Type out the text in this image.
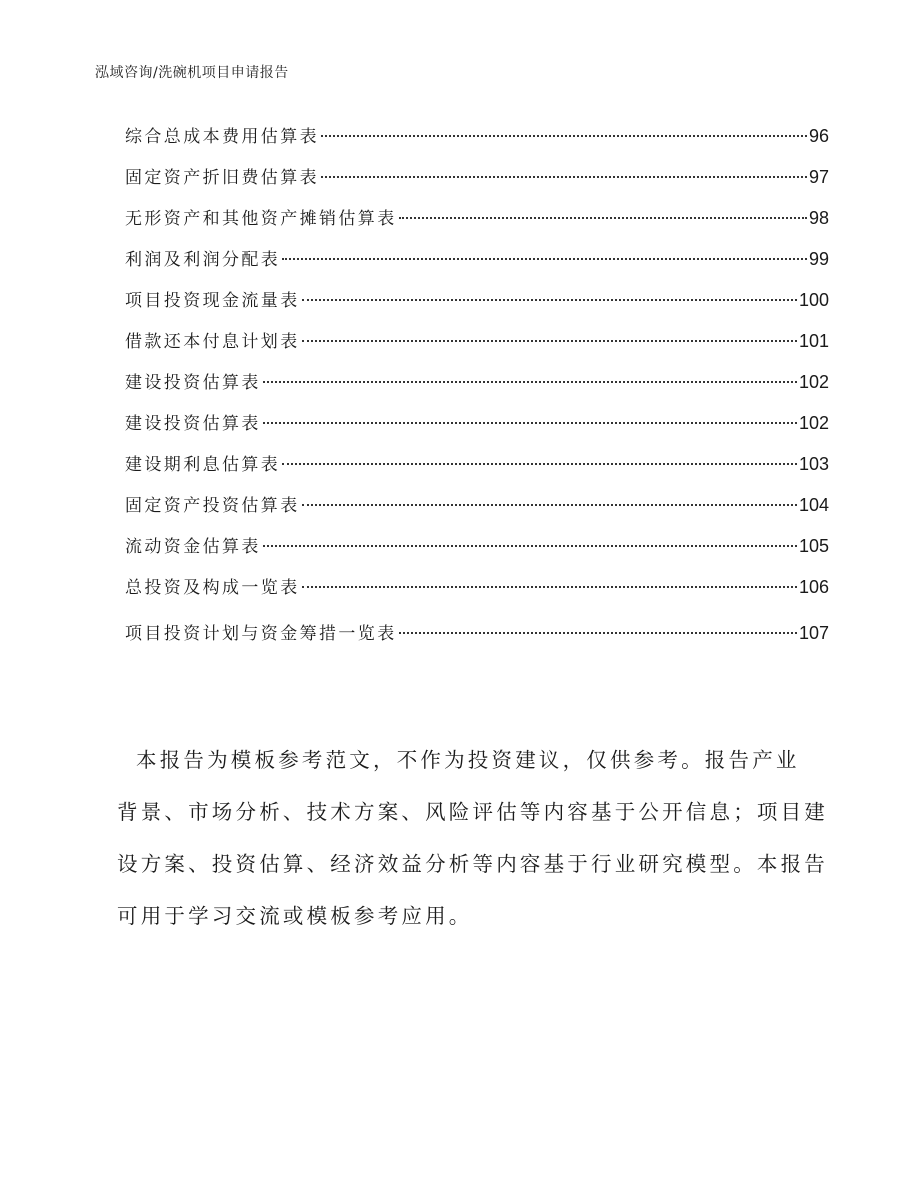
泓域咨询/洗碗机项目申请报告
综合总成本费用估算表	96
固定资产折旧费估算表	97
无形资产和其他资产摊销估算表	98
利润及利润分配表	99
项目投资现金流量表	100
借款还本付息计划表	101
建设投资估算表	102
建设投资估算表	102
建设期利息估算表	103
固定资产投资估算表	104
流动资金估算表	105
总投资及构成一览表	106
项目投资计划与资金筹措一览表	107
本报告为模板参考范文，不作为投资建议，仅供参考。报告产业
背景、市场分析、技术方案、风险评估等内容基于公开信息；项目建
设方案、投资估算、经济效益分析等内容基于行业研究模型。本报告
可用于学习交流或模板参考应用。
